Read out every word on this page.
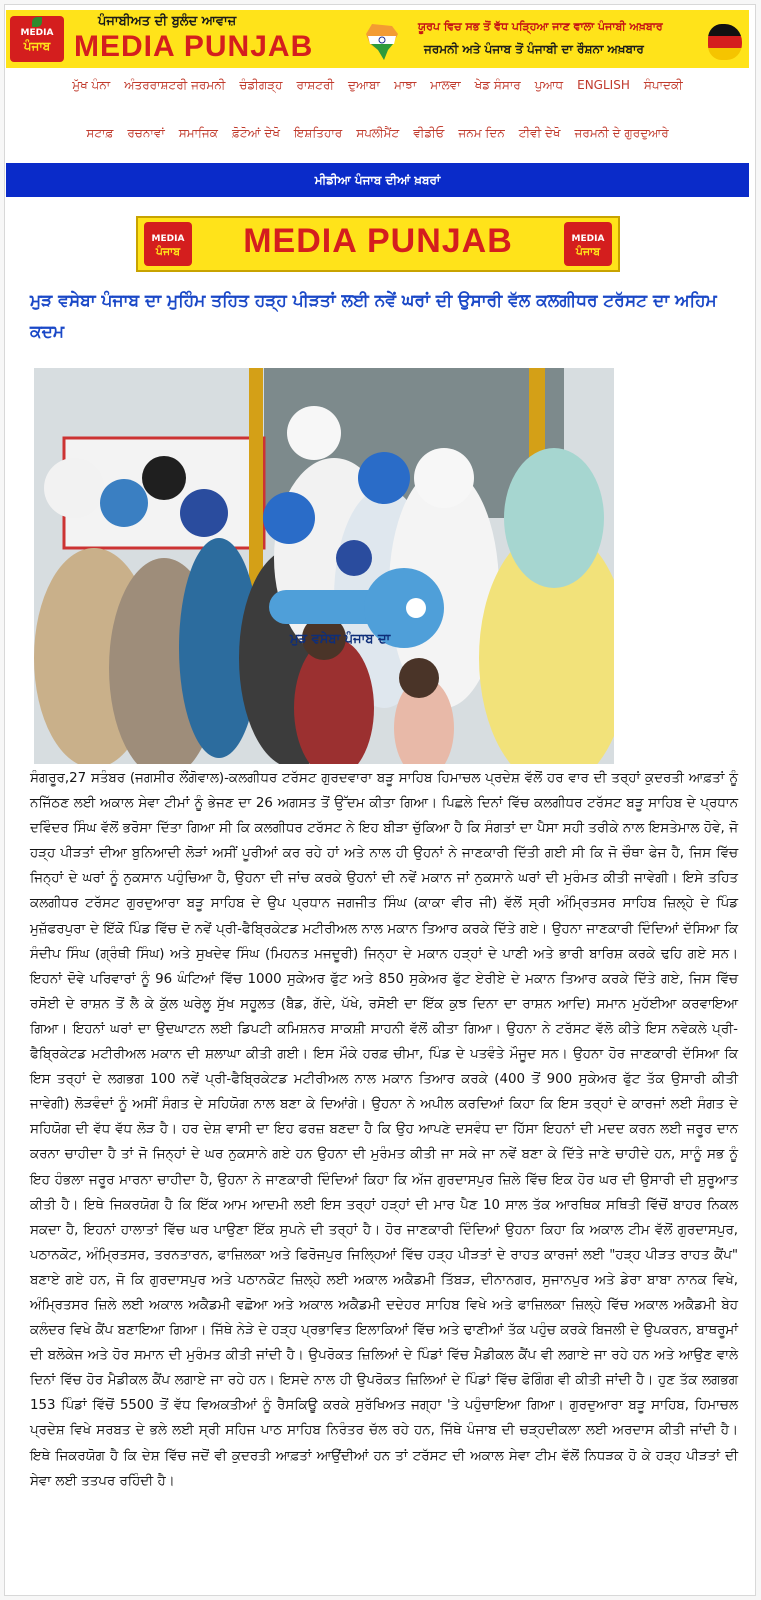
MEDIA
ਪੰਜਾਬ
ਪੰਜਾਬੀਅਤ ਦੀ ਬੁਲੰਦ ਆਵਾਜ਼
MEDIA PUNJAB
ਯੂਰਪ ਵਿਚ ਸਭ ਤੋਂ ਵੱਧ ਪੜ੍ਹਿਆ ਜਾਣ ਵਾਲਾ ਪੰਜਾਬੀ ਅਖ਼ਬਾਰ
ਜਰਮਨੀ ਅਤੇ ਪੰਜਾਬ ਤੋਂ ਪੰਜਾਬੀ ਦਾ ਰੌਸ਼ਨਾ ਅਖ਼ਬਾਰ
ਮੁੱਖ ਪੰਨਾ ਅੰਤਰਰਾਸ਼ਟਰੀ ਜਰਮਨੀ ਚੰਡੀਗੜ੍ਹ ਰਾਸ਼ਟਰੀ ਦੁਆਬਾ ਮਾਝਾ ਮਾਲਵਾ ਖੇਡ ਸੰਸਾਰ ਪੁਆਧ ENGLISH ਸੰਪਾਦਕੀ
ਸਟਾਫ਼ ਰਚਨਾਵਾਂ ਸਮਾਜਿਕ ਫ਼ੋਟੋਆਂ ਦੇਖੋ ਇਸ਼ਤਿਹਾਰ ਸਪਲੀਮੈਂਟ ਵੀਡੀਓ ਜਨਮ ਦਿਨ ਟੀਵੀ ਦੇਖੋ ਜਰਮਨੀ ਦੇ ਗੁਰਦੁਆਰੇ
ਮੀਡੀਆ ਪੰਜਾਬ ਦੀਆਂ ਖ਼ਬਰਾਂ
MEDIA
ਪੰਜਾਬ	MEDIA PUNJAB	MEDIA
ਪੰਜਾਬ
ਮੁੜ ਵਸੇਬਾ ਪੰਜਾਬ ਦਾ ਮੁਹਿੰਮ ਤਹਿਤ ਹੜ੍ਹ ਪੀੜਤਾਂ ਲਈ ਨਵੇਂ ਘਰਾਂ ਦੀ ਉਸਾਰੀ ਵੱਲ ਕਲਗੀਧਰ ਟਰੱਸਟ ਦਾ ਅਹਿਮ ਕਦਮ
ਮੁੜ ਵਸੇਬਾ ਪੰਜਾਬ ਦਾ
ਸੰਗਰੂਰ,27 ਸਤੰਬਰ (ਜਗਸੀਰ ਲੌਂਗੋਵਾਲ)-ਕਲਗੀਧਰ ਟਰੱਸਟ ਗੁਰਦਵਾਰਾ ਬੜੂ ਸਾਹਿਬ ਹਿਮਾਚਲ ਪ੍ਰਦੇਸ਼ ਵੱਲੋਂ ਹਰ ਵਾਰ ਦੀ ਤਰ੍ਹਾਂ ਕੁਦਰਤੀ ਆਫ਼ਤਾਂ ਨੂੰ ਨਜਿੱਠਣ ਲਈ ਅਕਾਲ ਸੇਵਾ ਟੀਮਾਂ ਨੂੰ ਭੇਜਣ ਦਾ 26 ਅਗਸਤ ਤੋਂ ਉੱਦਮ ਕੀਤਾ ਗਿਆ। ਪਿਛਲੇ ਦਿਨਾਂ ਵਿੱਚ ਕਲਗੀਧਰ ਟਰੱਸਟ ਬੜੂ ਸਾਹਿਬ ਦੇ ਪ੍ਰਧਾਨ ਦਵਿੰਦਰ ਸਿੰਘ ਵੱਲੋਂ ਭਰੋਸਾ ਦਿੱਤਾ ਗਿਆ ਸੀ ਕਿ ਕਲਗੀਧਰ ਟਰੱਸਟ ਨੇ ਇਹ ਬੀੜਾ ਚੁੱਕਿਆ ਹੈ ਕਿ ਸੰਗਤਾਂ ਦਾ ਪੈਸਾ ਸਹੀ ਤਰੀਕੇ ਨਾਲ ਇਸਤੇਮਾਲ ਹੋਵੇ, ਜੋ ਹੜ੍ਹ ਪੀੜਤਾਂ ਦੀਆ ਬੁਨਿਆਦੀ ਲੋੜਾਂ ਅਸੀਂ ਪੂਰੀਆਂ ਕਰ ਰਹੇ ਹਾਂ ਅਤੇ ਨਾਲ ਹੀ ਉਹਨਾਂ ਨੇ ਜਾਣਕਾਰੀ ਦਿੱਤੀ ਗਈ ਸੀ ਕਿ ਜੋ ਚੌਥਾ ਫੇਜ ਹੈ, ਜਿਸ ਵਿੱਚ ਜਿਨ੍ਹਾਂ ਦੇ ਘਰਾਂ ਨੂੰ ਨੁਕਸਾਨ ਪਹੁੰਚਿਆ ਹੈ, ਉਹਨਾ ਦੀ ਜਾਂਚ ਕਰਕੇ ਉਹਨਾਂ ਦੀ ਨਵੇਂ ਮਕਾਨ ਜਾਂ ਨੁਕਸਾਨੇ ਘਰਾਂ ਦੀ ਮੁਰੰਮਤ ਕੀਤੀ ਜਾਵੇਗੀ। ਇਸੇ ਤਹਿਤ ਕਲਗੀਧਰ ਟਰੱਸਟ ਗੁਰਦੁਆਰਾ ਬੜੂ ਸਾਹਿਬ ਦੇ ਉਪ ਪ੍ਰਧਾਨ ਜਗਜੀਤ ਸਿੰਘ (ਕਾਕਾ ਵੀਰ ਜੀ) ਵੱਲੋਂ ਸ੍ਰੀ ਅੰਮ੍ਰਿਤਸਰ ਸਾਹਿਬ ਜ਼ਿਲ੍ਹੇ ਦੇ ਪਿੰਡ ਮੁਜ਼ੱਫਰਪੁਰਾ ਦੇ ਇੱਕੋ ਪਿੰਡ ਵਿੱਚ ਦੋ ਨਵੇਂ ਪ੍ਰੀ-ਫੈਬ੍ਰਿਕੇਟਡ ਮਟੀਰੀਅਲ ਨਾਲ ਮਕਾਨ ਤਿਆਰ ਕਰਕੇ ਦਿੱਤੇ ਗਏ। ਉਹਨਾ ਜਾਣਕਾਰੀ ਦਿੰਦਿਆਂ ਦੱਸਿਆ ਕਿ ਸੰਦੀਪ ਸਿੰਘ (ਗ੍ਰੰਥੀ ਸਿੰਘ) ਅਤੇ ਸੁਖਦੇਵ ਸਿੰਘ (ਮਿਹਨਤ ਮਜਦੂਰੀ) ਜਿਨ੍ਹਾ ਦੇ ਮਕਾਨ ਹੜ੍ਹਾਂ ਦੇ ਪਾਣੀ ਅਤੇ ਭਾਰੀ ਬਾਰਿਸ਼ ਕਰਕੇ ਢਹਿ ਗਏ ਸਨ। ਇਹਨਾਂ ਦੋਵੇ ਪਰਿਵਾਰਾਂ ਨੂੰ 96 ਘੰਟਿਆਂ ਵਿੱਚ 1000 ਸੁਕੇਅਰ ਫੁੱਟ ਅਤੇ 850 ਸੁਕੇਅਰ ਫੁੱਟ ਏਰੀਏ ਦੇ ਮਕਾਨ ਤਿਆਰ ਕਰਕੇ ਦਿੱਤੇ ਗਏ, ਜਿਸ ਵਿੱਚ ਰਸੋਈ ਦੇ ਰਾਸ਼ਨ ਤੋਂ ਲੈ ਕੇ ਕੁੱਲ ਘਰੇਲੂ ਸੁੱਖ ਸਹੂਲਤ (ਬੈਡ, ਗੱਦੇ, ਪੱਖੇ, ਰਸੋਈ ਦਾ ਇੱਕ ਕੁਝ ਦਿਨਾ ਦਾ ਰਾਸ਼ਨ ਆਦਿ) ਸਮਾਨ ਮੁਹੱਈਆ ਕਰਵਾਇਆ ਗਿਆ। ਇਹਨਾਂ ਘਰਾਂ ਦਾ ਉਦਘਾਟਨ ਲਈ ਡਿਪਟੀ ਕਮਿਸ਼ਨਰ ਸਾਕਸ਼ੀ ਸਾਹਨੀ ਵੱਲੋਂ ਕੀਤਾ ਗਿਆ। ਉਹਨਾ ਨੇ ਟਰੱਸਟ ਵੱਲੋ ਕੀਤੇ ਇਸ ਨਵੇਕਲੇ ਪ੍ਰੀ-ਫੈਬ੍ਰਿਕੇਟਡ ਮਟੀਰੀਅਲ ਮਕਾਨ ਦੀ ਸ਼ਲਾਘਾ ਕੀਤੀ ਗਈ। ਇਸ ਮੌਕੇ ਹਰਫ਼ ਚੀਮਾ, ਪਿੰਡ ਦੇ ਪਤਵੰਤੇ ਮੌਜੂਦ ਸਨ। ਉਹਨਾ ਹੋਰ ਜਾਣਕਾਰੀ ਦੱਸਿਆ ਕਿ ਇਸ ਤਰ੍ਹਾਂ ਦੇ ਲਗਭਗ 100 ਨਵੇਂ ਪ੍ਰੀ-ਫੈਬ੍ਰਿਕੇਟਡ ਮਟੀਰੀਅਲ ਨਾਲ ਮਕਾਨ ਤਿਆਰ ਕਰਕੇ (400 ਤੋਂ 900 ਸੁਕੇਅਰ ਫੁੱਟ ਤੱਕ ਉਸਾਰੀ ਕੀਤੀ ਜਾਵੇਗੀ) ਲੋੜਵੰਦਾਂ ਨੂੰ ਅਸੀਂ ਸੰਗਤ ਦੇ ਸਹਿਯੋਗ ਨਾਲ ਬਣਾ ਕੇ ਦਿਆਂਗੇ। ਉਹਨਾ ਨੇ ਅਪੀਲ ਕਰਦਿਆਂ ਕਿਹਾ ਕਿ ਇਸ ਤਰ੍ਹਾਂ ਦੇ ਕਾਰਜਾਂ ਲਈ ਸੰਗਤ ਦੇ ਸਹਿਯੋਗ ਦੀ ਵੱਧ ਵੱਧ ਲੋੜ ਹੈ। ਹਰ ਦੇਸ਼ ਵਾਸੀ ਦਾ ਇਹ ਫਰਜ਼ ਬਣਦਾ ਹੈ ਕਿ ਉਹ ਆਪਣੇ ਦਸਵੰਧ ਦਾ ਹਿੱਸਾ ਇਹਨਾਂ ਦੀ ਮਦਦ ਕਰਨ ਲਈ ਜਰੂਰ ਦਾਨ ਕਰਨਾ ਚਾਹੀਦਾ ਹੈ ਤਾਂ ਜੋ ਜਿਨ੍ਹਾਂ ਦੇ ਘਰ ਨੁਕਸਾਨੇ ਗਏ ਹਨ ਉਹਨਾ ਦੀ ਮੁਰੰਮਤ ਕੀਤੀ ਜਾ ਸਕੇ ਜਾ ਨਵੇਂ ਬਣਾ ਕੇ ਦਿੱਤੇ ਜਾਣੇ ਚਾਹੀਦੇ ਹਨ, ਸਾਨੂੰ ਸਭ ਨੂੰ ਇਹ ਹੰਭਲਾ ਜਰੂਰ ਮਾਰਨਾ ਚਾਹੀਦਾ ਹੈ, ਉਹਨਾ ਨੇ ਜਾਣਕਾਰੀ ਦਿੰਦਿਆਂ ਕਿਹਾ ਕਿ ਅੱਜ ਗੁਰਦਾਸਪੁਰ ਜ਼ਿਲੇ ਵਿੱਚ ਇਕ ਹੋਰ ਘਰ ਦੀ ਉਸਾਰੀ ਦੀ ਸ਼ੁਰੂਆਤ ਕੀਤੀ ਹੈ। ਇਥੇ ਜਿਕਰਯੋਗ ਹੈ ਕਿ ਇੱਕ ਆਮ ਆਦਮੀ ਲਈ ਇਸ ਤਰ੍ਹਾਂ ਹੜ੍ਹਾਂ ਦੀ ਮਾਰ ਪੈਣ 10 ਸਾਲ ਤੱਕ ਆਰਥਿਕ ਸਥਿਤੀ ਵਿੱਚੋਂ ਬਾਹਰ ਨਿਕਲ ਸਕਦਾ ਹੈ, ਇਹਨਾਂ ਹਾਲਾਤਾਂ ਵਿੱਚ ਘਰ ਪਾਉਣਾ ਇੱਕ ਸੁਪਨੇ ਦੀ ਤਰ੍ਹਾਂ ਹੈ। ਹੋਰ ਜਾਣਕਾਰੀ ਦਿੰਦਿਆਂ ਉਹਨਾ ਕਿਹਾ ਕਿ ਅਕਾਲ ਟੀਮ ਵੱਲੋਂ ਗੁਰਦਾਸਪੁਰ, ਪਠਾਨਕੋਟ, ਅੰਮ੍ਰਿਤਸਰ, ਤਰਨਤਾਰਨ, ਫਾਜ਼ਿਲਕਾ ਅਤੇ ਫਿਰੋਜਪੁਰ ਜਿਲ੍ਹਿਆਂ ਵਿੱਚ ਹੜ੍ਹ ਪੀੜਤਾਂ ਦੇ ਰਾਹਤ ਕਾਰਜਾਂ ਲਈ "ਹੜ੍ਹ ਪੀੜਤ ਰਾਹਤ ਕੈਂਪ" ਬਣਾਏ ਗਏ ਹਨ, ਜੋ ਕਿ ਗੁਰਦਾਸਪੁਰ ਅਤੇ ਪਠਾਨਕੋਟ ਜ਼ਿਲ੍ਹੇ ਲਈ ਅਕਾਲ ਅਕੈਡਮੀ ਤਿੱਬੜ, ਦੀਨਾਨਗਰ, ਸੁਜਾਨਪੁਰ ਅਤੇ ਡੇਰਾ ਬਾਬਾ ਨਾਨਕ ਵਿਖੇ, ਅੰਮ੍ਰਿਤਸਰ ਜ਼ਿਲੇ ਲਈ ਅਕਾਲ ਅਕੈਡਮੀ ਵਛੋਆ ਅਤੇ ਅਕਾਲ ਅਕੈਡਮੀ ਦਦੇਹਰ ਸਾਹਿਬ ਵਿਖੇ ਅਤੇ ਫਾਜ਼ਿਲਕਾ ਜ਼ਿਲ੍ਹੇ ਵਿੱਚ ਅਕਾਲ ਅਕੈਡਮੀ ਬੇਹ ਕਲੰਦਰ ਵਿਖੇ ਕੈਂਪ ਬਣਾਇਆ ਗਿਆ। ਜਿੱਥੇ ਨੇੜੇ ਦੇ ਹੜ੍ਹ ਪ੍ਰਭਾਵਿਤ ਇਲਾਕਿਆਂ ਵਿੱਚ ਅਤੇ ਢਾਣੀਆਂ ਤੱਕ ਪਹੁੰਚ ਕਰਕੇ ਬਿਜਲੀ ਦੇ ਉਪਕਰਨ, ਬਾਥਰੂਮਾਂ ਦੀ ਬਲੋਕੇਜ ਅਤੇ ਹੋਰ ਸਮਾਨ ਦੀ ਮੁਰੰਮਤ ਕੀਤੀ ਜਾਂਦੀ ਹੈ। ਉਪਰੋਕਤ ਜ਼ਿਲਿਆਂ ਦੇ ਪਿੰਡਾਂ ਵਿੱਚ ਮੈਡੀਕਲ ਕੈਂਪ ਵੀ ਲਗਾਏ ਜਾ ਰਹੇ ਹਨ ਅਤੇ ਆਉਣ ਵਾਲੇ ਦਿਨਾਂ ਵਿੱਚ ਹੋਰ ਮੈਡੀਕਲ ਕੈਂਪ ਲਗਾਏ ਜਾ ਰਹੇ ਹਨ। ਇਸਦੇ ਨਾਲ ਹੀ ਉਪਰੋਕਤ ਜ਼ਿਲਿਆਂ ਦੇ ਪਿੰਡਾਂ ਵਿੱਚ ਫੋਗਿੰਗ ਵੀ ਕੀਤੀ ਜਾਂਦੀ ਹੈ। ਹੁਣ ਤੱਕ ਲਗਭਗ 153 ਪਿੰਡਾਂ ਵਿੱਚੋਂ 5500 ਤੋਂ ਵੱਧ ਵਿਅਕਤੀਆਂ ਨੂੰ ਰੈਸਕਿਊ ਕਰਕੇ ਸੁਰੱਖਿਅਤ ਜਗ੍ਹਾ 'ਤੇ ਪਹੁੰਚਾਇਆ ਗਿਆ। ਗੁਰਦੁਆਰਾ ਬੜੂ ਸਾਹਿਬ, ਹਿਮਾਚਲ ਪ੍ਰਦੇਸ਼ ਵਿਖੇ ਸਰਬਤ ਦੇ ਭਲੇ ਲਈ ਸ੍ਰੀ ਸਹਿਜ ਪਾਠ ਸਾਹਿਬ ਨਿਰੰਤਰ ਚੱਲ ਰਹੇ ਹਨ, ਜਿੱਥੇ ਪੰਜਾਬ ਦੀ ਚੜ੍ਹਦੀਕਲਾ ਲਈ ਅਰਦਾਸ ਕੀਤੀ ਜਾਂਦੀ ਹੈ। ਇਥੇ ਜਿਕਰਯੋਗ ਹੈ ਕਿ ਦੇਸ਼ ਵਿੱਚ ਜਦੋਂ ਵੀ ਕੁਦਰਤੀ ਆਫ਼ਤਾਂ ਆਉਂਦੀਆਂ ਹਨ ਤਾਂ ਟਰੱਸਟ ਦੀ ਅਕਾਲ ਸੇਵਾ ਟੀਮ ਵੱਲੋਂ ਨਿਧੜਕ ਹੋ ਕੇ ਹੜ੍ਹ ਪੀੜਤਾਂ ਦੀ ਸੇਵਾ ਲਈ ਤਤਪਰ ਰਹਿੰਦੀ ਹੈ।
